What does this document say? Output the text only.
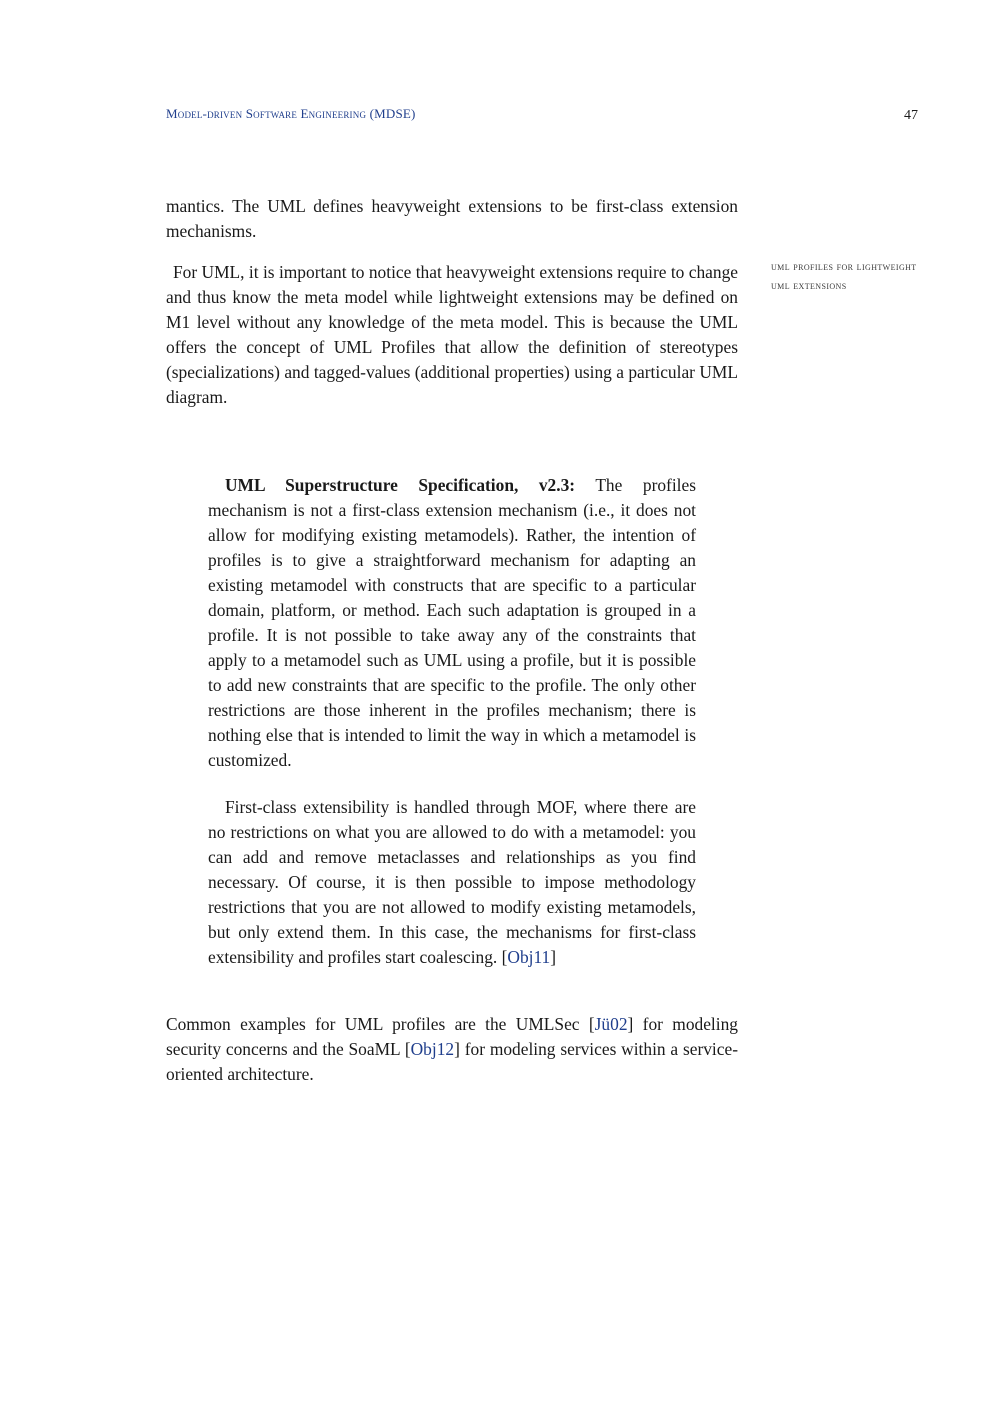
Model-driven Software Engineering (MDSE)	47

mantics. The UML defines heavyweight extensions to be first-class extension mechanisms.

For UML, it is important to notice that heavyweight extensions require to change and thus know the meta model while lightweight extensions may be defined on M1 level without any knowledge of the meta model. This is because the UML offers the concept of UML Profiles that allow the definition of stereotypes (specializations) and tagged-values (additional properties) using a particular UML diagram.

uml profiles for lightweight uml extensions

UML Superstructure Specification, v2.3: The profiles mechanism is not a first-class extension mechanism (i.e., it does not allow for modifying existing metamodels). Rather, the intention of profiles is to give a straightforward mechanism for adapting an existing metamodel with constructs that are specific to a particular domain, platform, or method. Each such adaptation is grouped in a profile. It is not possible to take away any of the constraints that apply to a metamodel such as UML using a profile, but it is possible to add new constraints that are specific to the profile. The only other restrictions are those inherent in the profiles mechanism; there is nothing else that is intended to limit the way in which a metamodel is customized.

First-class extensibility is handled through MOF, where there are no restrictions on what you are allowed to do with a metamodel: you can add and remove metaclasses and relationships as you find necessary. Of course, it is then possible to impose methodology restrictions that you are not allowed to modify existing metamodels, but only extend them. In this case, the mechanisms for first-class extensibility and profiles start coalescing. [Obj11]

Common examples for UML profiles are the UMLSec [Jü02] for modeling security concerns and the SoaML [Obj12] for modeling services within a service-oriented architecture.
